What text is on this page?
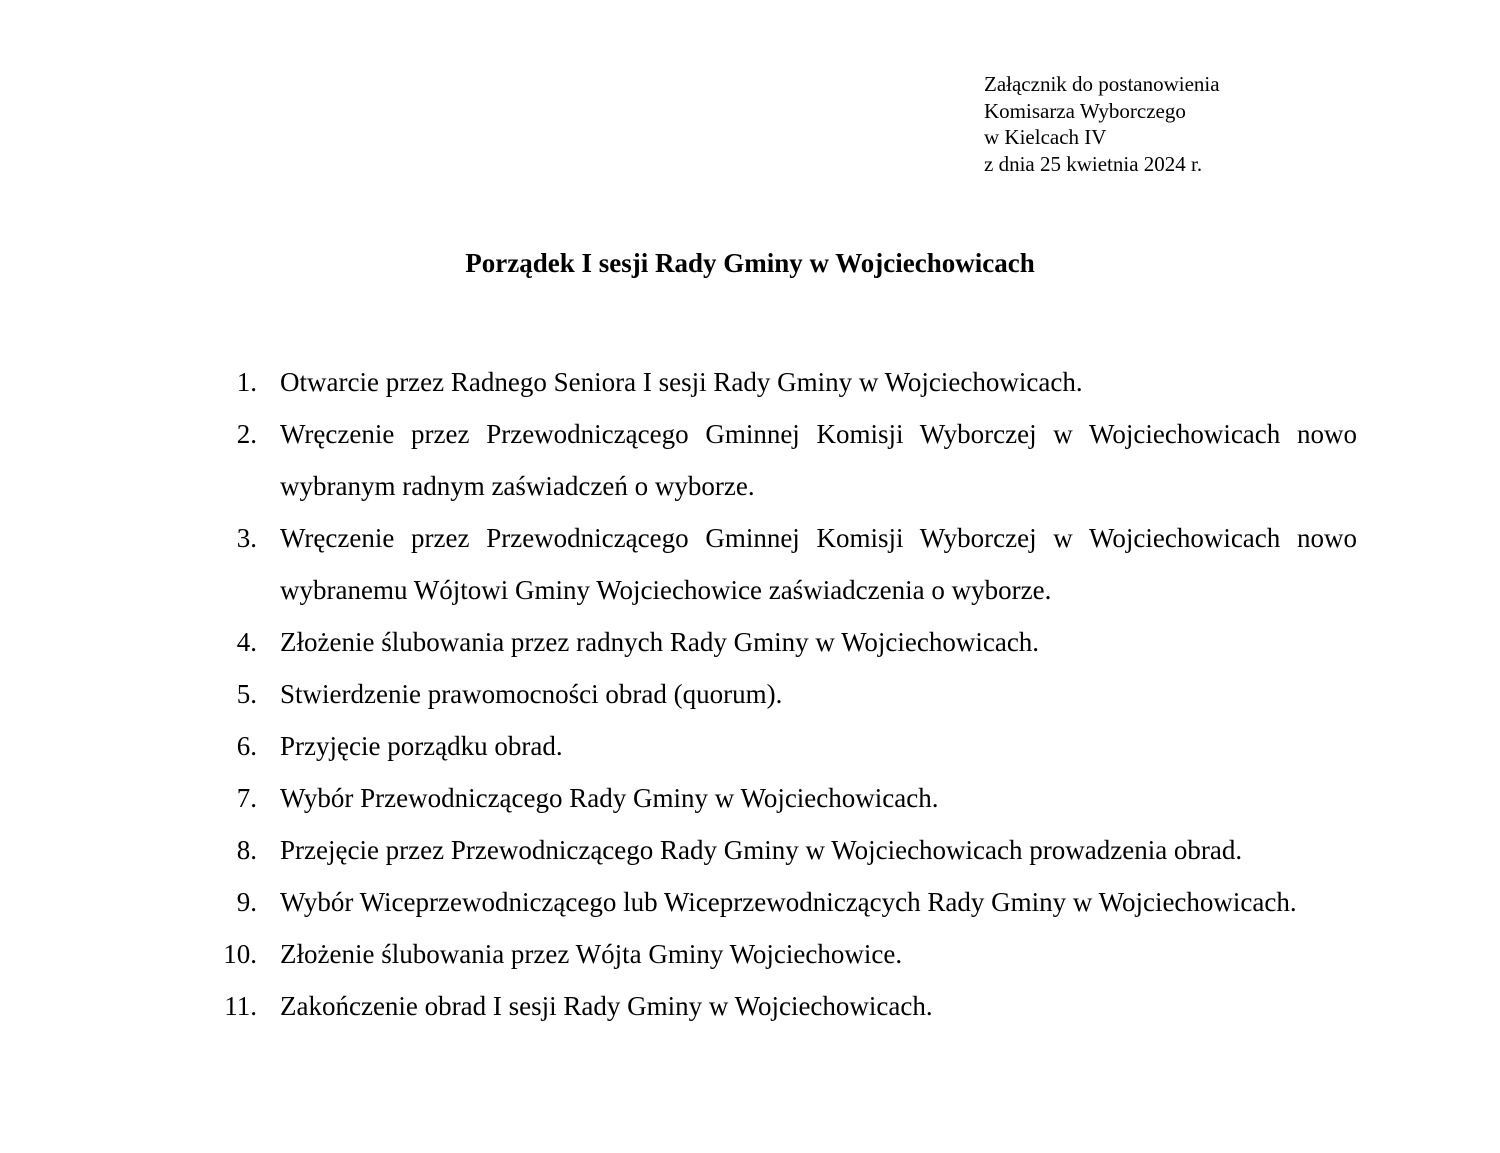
Załącznik do postanowienia
Komisarza Wyborczego
w Kielcach IV
z dnia 25 kwietnia 2024 r.
Porządek I sesji Rady Gminy w Wojciechowicach
1. Otwarcie przez Radnego Seniora I sesji Rady Gminy w Wojciechowicach.
2. Wręczenie przez Przewodniczącego Gminnej Komisji Wyborczej w Wojciechowicach nowo wybranym radnym zaświadczeń o wyborze.
3. Wręczenie przez Przewodniczącego Gminnej Komisji Wyborczej w Wojciechowicach nowo wybranemu Wójtowi Gminy Wojciechowice zaświadczenia o wyborze.
4. Złożenie ślubowania przez radnych Rady Gminy w Wojciechowicach.
5. Stwierdzenie prawomocności obrad (quorum).
6. Przyjęcie porządku obrad.
7. Wybór Przewodniczącego Rady Gminy w Wojciechowicach.
8. Przejęcie przez Przewodniczącego Rady Gminy w Wojciechowicach prowadzenia obrad.
9. Wybór Wiceprzewodniczącego lub Wiceprzewodniczących Rady Gminy w Wojciechowicach.
10. Złożenie ślubowania przez Wójta Gminy Wojciechowice.
11. Zakończenie obrad I sesji Rady Gminy w Wojciechowicach.
